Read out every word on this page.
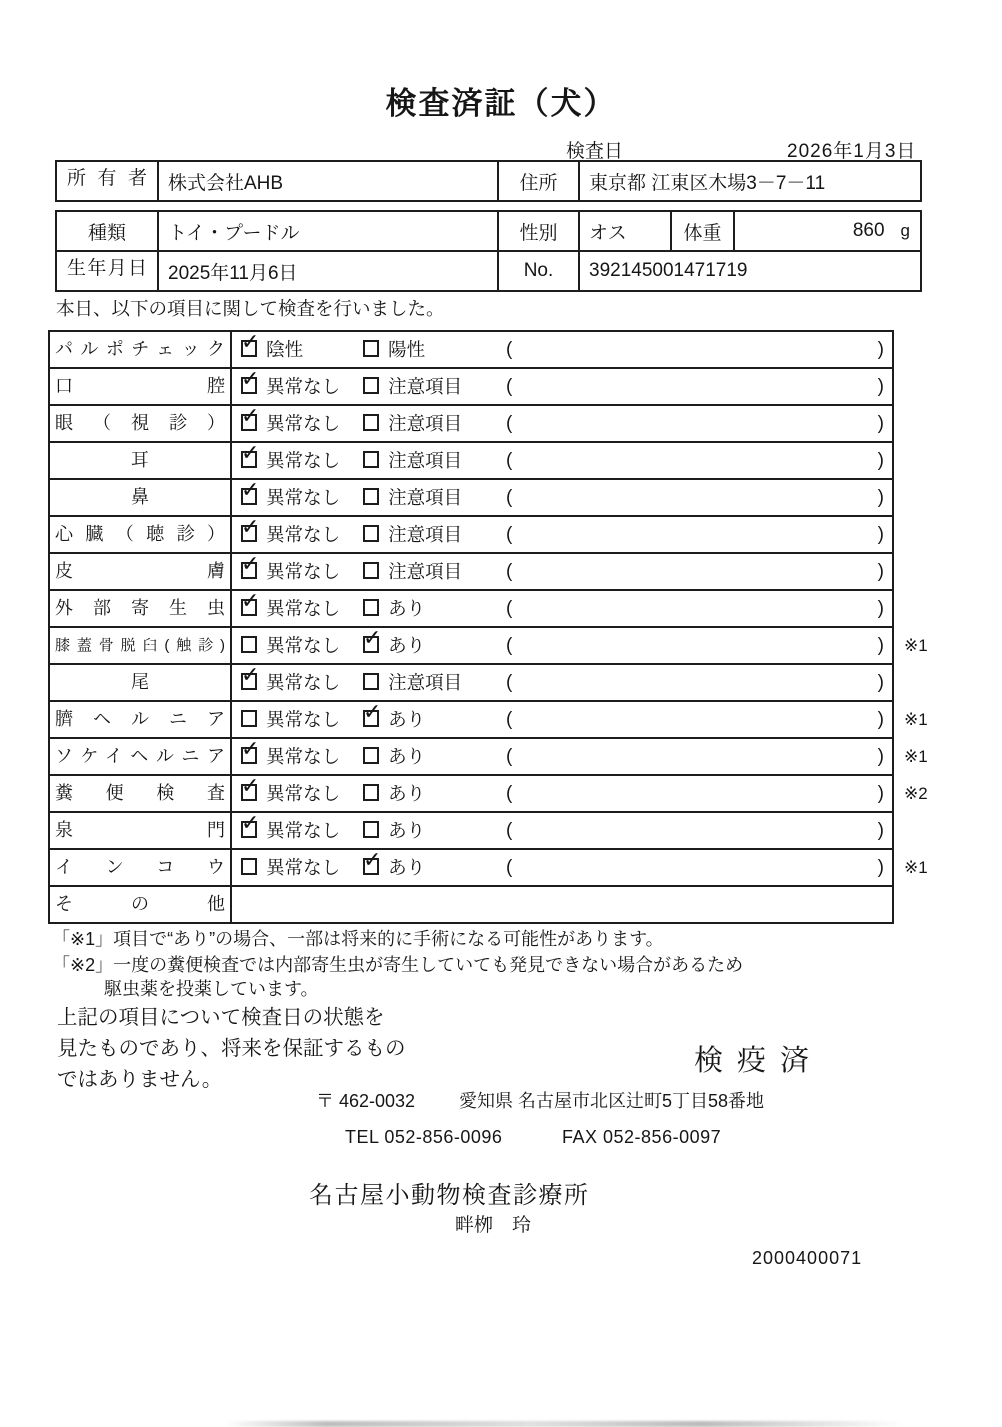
検査済証（犬）
検査日	2026年1月3日
所有者	株式会社AHB	住所	東京都 江東区木場3－7－11
種類	トイ・プードル	性別	オス	体重	860 g
生年月日	2025年11月6日	No.	392145001471719
本日、以下の項目に関して検査を行いました。
パルポチェック ✓	陰性	陽性	(	)
口腔 ✓	異常なし	注意項目 (	)
眼（視診） ✓	異常なし	注意項目 (	)
耳 ✓	異常なし	注意項目 (	)
鼻 ✓	異常なし	注意項目 (	)
心臓（聴診） ✓	異常なし	注意項目 (	)
皮膚 ✓	異常なし	注意項目 (	)
外部寄生虫 ✓	異常なし	あり	(	)
膝蓋骨脱臼(触診)	異常なし ✓	あり	(	) ※1
尾 ✓	異常なし	注意項目 (	)
臍ヘルニア	異常なし ✓	あり	(	) ※1
ソケイヘルニア ✓	異常なし	あり	(	) ※1
糞便検査 ✓	異常なし	あり	(	) ※2
泉門 ✓	異常なし	あり	(	)
インコウ	異常なし ✓	あり	(	) ※1
その他
「※1」項目で“あり”の場合、一部は将来的に手術になる可能性があります。
「※2」一度の糞便検査では内部寄生虫が寄生していても発見できない場合があるため
駆虫薬を投薬しています。
上記の項目について検査日の状態を
見たものであり、将来を保証するもの
ではありません。
検疫済
〒 462-0032 愛知県 名古屋市北区辻町5丁目58番地
TEL 052-856-0096	FAX 052-856-0097
名古屋小動物検査診療所
畔栁　玲
2000400071
